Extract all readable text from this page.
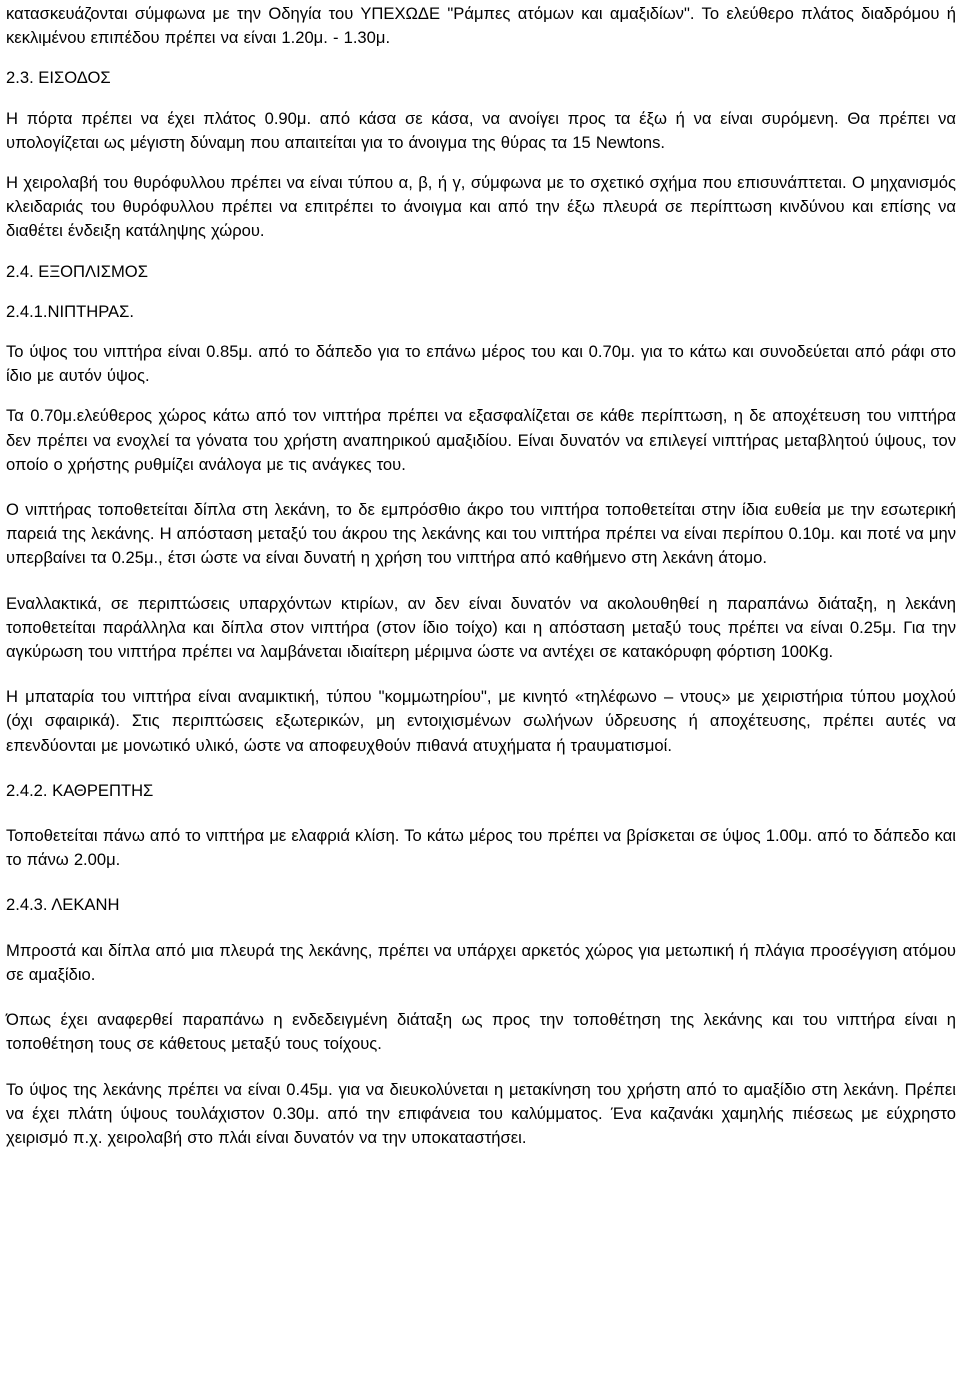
κατασκευάζονται σύμφωνα με την Οδηγία του ΥΠΕΧΩΔΕ "Ράμπες ατόμων και αμαξιδίων". Το ελεύθερο πλάτος διαδρόμου ή κεκλιμένου επιπέδου πρέπει να είναι 1.20μ. - 1.30μ.

2.3. ΕΙΣΟΔΟΣ

Η πόρτα πρέπει να έχει πλάτος 0.90μ. από κάσα σε κάσα, να ανοίγει προς τα έξω ή να είναι συρόμενη. Θα πρέπει να υπολογίζεται ως μέγιστη δύναμη που απαιτείται για το άνοιγμα της θύρας τα 15 Newtons.

Η χειρολαβή του θυρόφυλλου πρέπει να είναι τύπου α, β, ή γ, σύμφωνα με το σχετικό σχήμα που επισυνάπτεται. Ο μηχανισμός κλειδαριάς του θυρόφυλλου πρέπει να επιτρέπει το άνοιγμα και από την έξω πλευρά σε περίπτωση κινδύνου και επίσης να διαθέτει ένδειξη κατάληψης χώρου.

2.4. ΕΞΟΠΛΙΣΜΟΣ

2.4.1.ΝΙΠΤΗΡΑΣ.

Το ύψος του νιπτήρα είναι 0.85μ. από το δάπεδο για το επάνω μέρος του και 0.70μ. για το κάτω και συνοδεύεται από ράφι στο ίδιο με αυτόν ύψος.

Τα 0.70μ.ελεύθερος χώρος κάτω από τον νιπτήρα πρέπει να εξασφαλίζεται σε κάθε περίπτωση, η δε αποχέτευση του νιπτήρα δεν πρέπει να ενοχλεί τα γόνατα του χρήστη αναπηρικού αμαξιδίου. Είναι δυνατόν να επιλεγεί νιπτήρας μεταβλητού ύψους, τον οποίο ο χρήστης ρυθμίζει ανάλογα με τις ανάγκες του.

Ο νιπτήρας τοποθετείται δίπλα στη λεκάνη, το δε εμπρόσθιο άκρο του νιπτήρα τοποθετείται στην ίδια ευθεία με την εσωτερική παρειά της λεκάνης. Η απόσταση μεταξύ του άκρου της λεκάνης και του νιπτήρα πρέπει να είναι περίπου 0.10μ. και ποτέ να μην υπερβαίνει τα 0.25μ., έτσι ώστε να είναι δυνατή η χρήση του νιπτήρα από καθήμενο στη λεκάνη άτομο.

Εναλλακτικά, σε περιπτώσεις υπαρχόντων κτιρίων, αν δεν είναι δυνατόν να ακολουθηθεί η παραπάνω διάταξη, η λεκάνη τοποθετείται παράλληλα και δίπλα στον νιπτήρα (στον ίδιο τοίχο) και η απόσταση μεταξύ τους πρέπει να είναι 0.25μ. Για την αγκύρωση του νιπτήρα πρέπει να λαμβάνεται ιδιαίτερη μέριμνα ώστε να αντέχει σε κατακόρυφη φόρτιση 100Kg.

Η μπαταρία του νιπτήρα είναι αναμικτική, τύπου "κομμωτηρίου", με κινητό «τηλέφωνο – ντους» με χειριστήρια τύπου μοχλού (όχι σφαιρικά). Στις περιπτώσεις εξωτερικών, μη εντοιχισμένων σωλήνων ύδρευσης ή αποχέτευσης, πρέπει αυτές να επενδύονται με μονωτικό υλικό, ώστε να αποφευχθούν πιθανά ατυχήματα ή τραυματισμοί.

2.4.2. ΚΑΘΡΕΠΤΗΣ

Τοποθετείται πάνω από το νιπτήρα με ελαφριά κλίση. Το κάτω μέρος του πρέπει να βρίσκεται σε ύψος 1.00μ. από το δάπεδο και το πάνω 2.00μ.

2.4.3. ΛΕΚΑΝΗ

Μπροστά και δίπλα από μια πλευρά της λεκάνης, πρέπει να υπάρχει αρκετός χώρος για μετωπική ή πλάγια προσέγγιση ατόμου σε αμαξίδιο.

Όπως έχει αναφερθεί παραπάνω η ενδεδειγμένη διάταξη ως προς την τοποθέτηση της λεκάνης και του νιπτήρα είναι η τοποθέτηση τους σε κάθετους μεταξύ τους τοίχους.

Το ύψος της λεκάνης πρέπει να είναι 0.45μ. για να διευκολύνεται η μετακίνηση του χρήστη από το αμαξίδιο στη λεκάνη. Πρέπει να έχει πλάτη ύψους τουλάχιστον 0.30μ. από την επιφάνεια του καλύμματος. Ένα καζανάκι χαμηλής πιέσεως με εύχρηστο χειρισμό π.χ. χειρολαβή στο πλάι είναι δυνατόν να την υποκαταστήσει.
